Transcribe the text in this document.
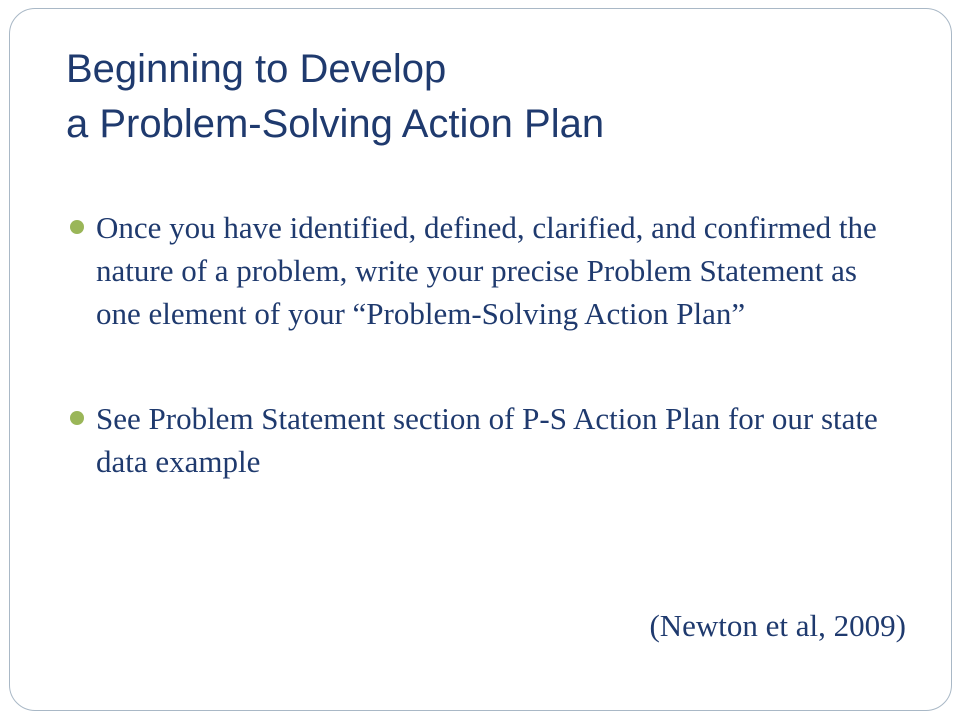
Beginning to Develop
a Problem-Solving Action Plan
Once you have identified, defined, clarified, and confirmed the nature of a problem, write your precise Problem Statement as one element of your “Problem-Solving Action Plan”
See Problem Statement section of P-S Action Plan for our state data example
(Newton et al, 2009)
